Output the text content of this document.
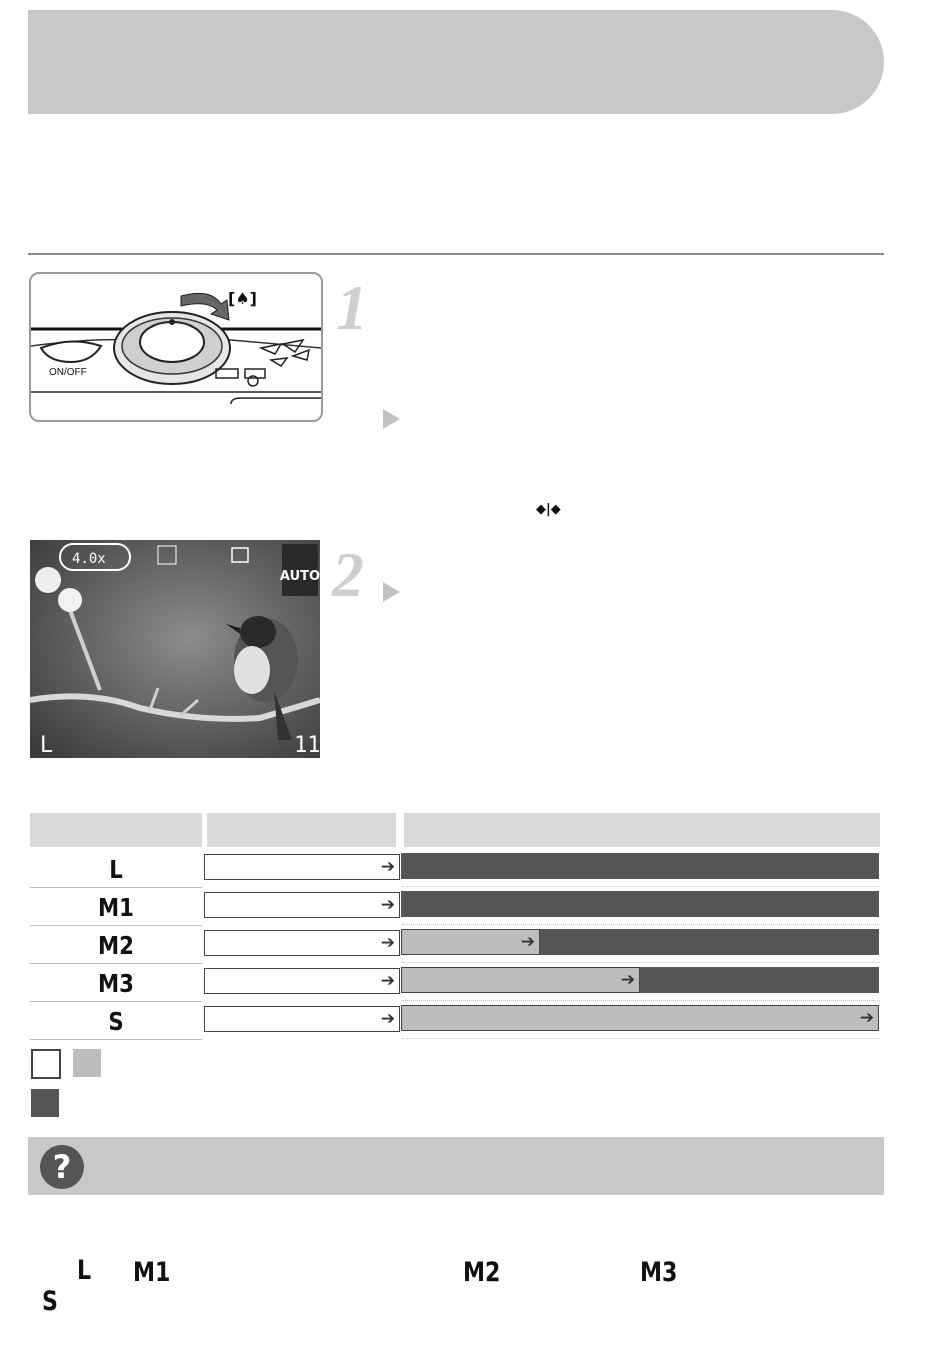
ON/OFF
[♠] 1
◆|◆
4.0x
AUTO
L	11
2
L	➔
M1	➔
M2	➔	➔
M3	➔	➔
S	➔	➔
?
L M1	M2	M3
S
